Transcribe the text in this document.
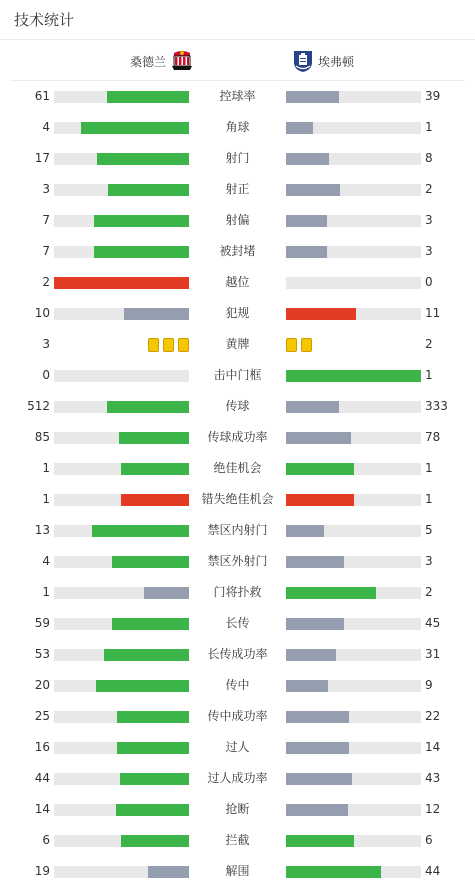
技术统计
桑德兰	埃弗顿
61	控球率	39
4	角球	1
17	射门	8
3	射正	2
7	射偏	3
7	被封堵	3
2	越位	0
10	犯规	11
3	黄牌	2
0	击中门框	1
512	传球	333
85	传球成功率	78
1	绝佳机会	1
1	错失绝佳机会	1
13	禁区内射门	5
4	禁区外射门	3
1	门将扑救	2
59	长传	45
53	长传成功率	31
20	传中	9
25	传中成功率	22
16	过人	14
44	过人成功率	43
14	抢断	12
6	拦截	6
19	解围	44
